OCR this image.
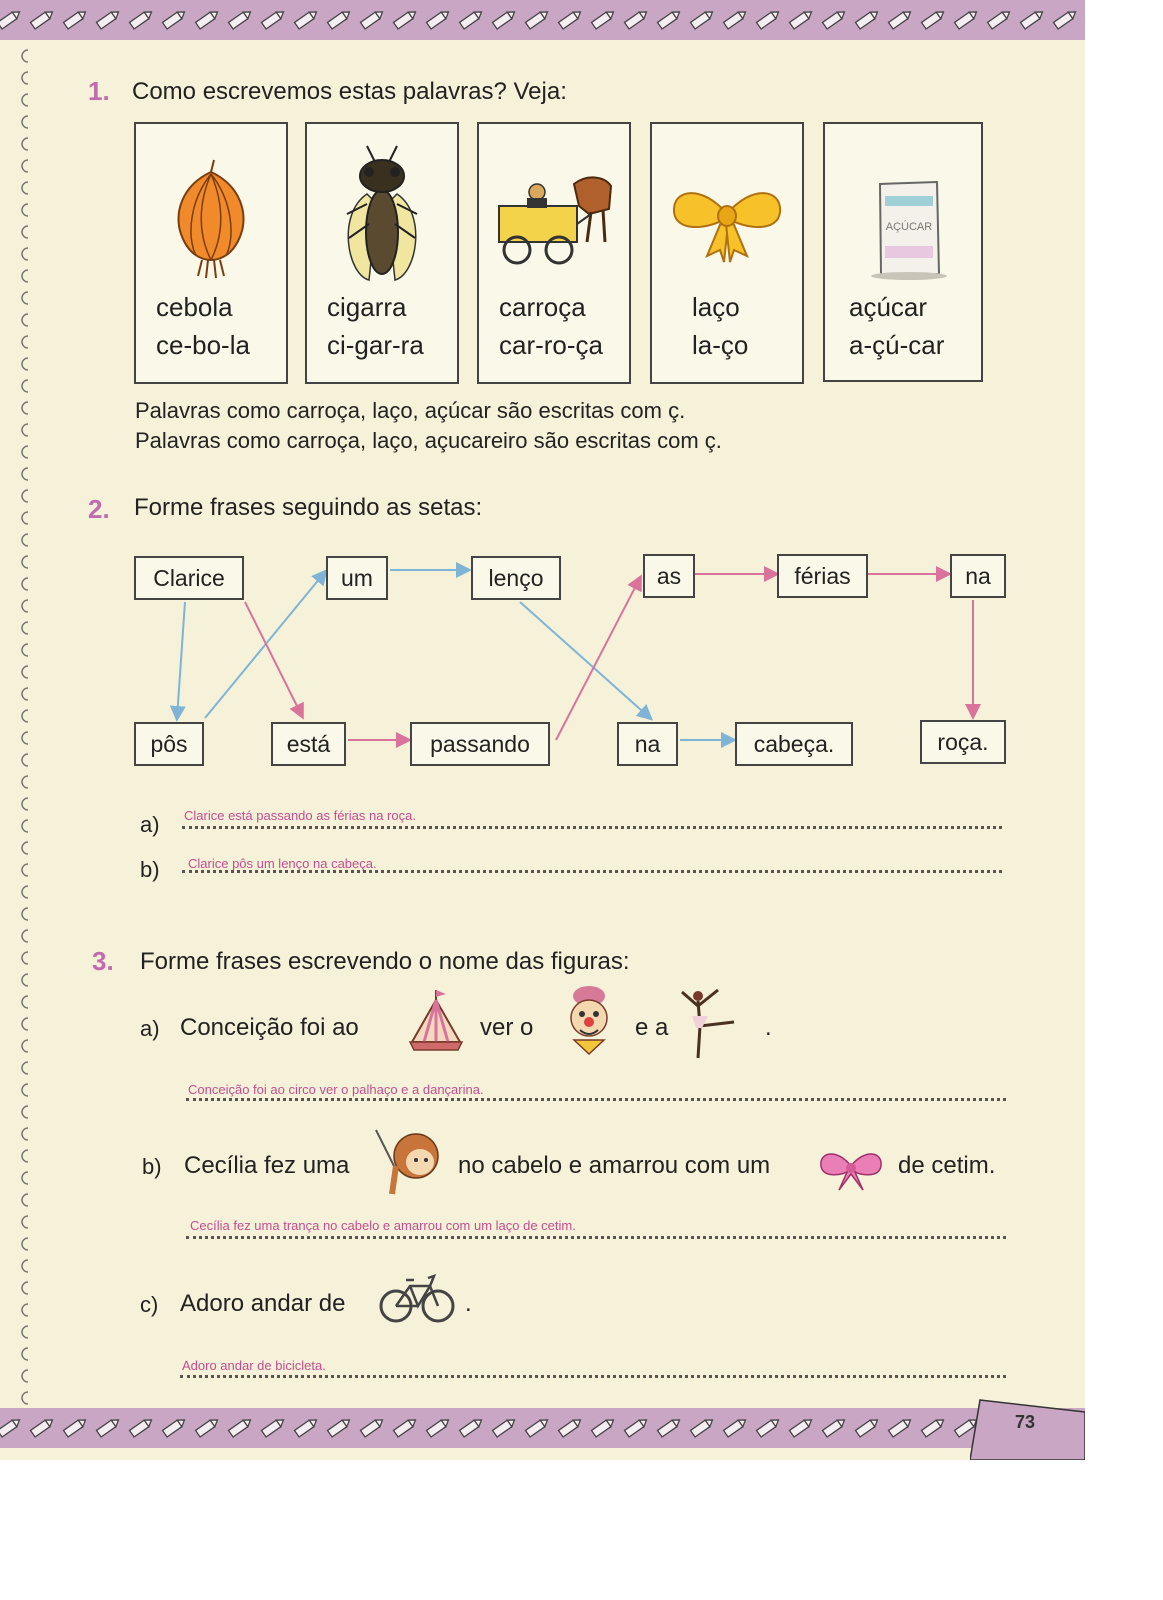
1. Como escrevemos estas palavras? Veja:
cebola
ce-bo-la
cigarra
ci-gar-ra
carroça
car-ro-ça
laço
la-ço
AÇÚCAR
açúcar
a-çú-car
Palavras como carroça, laço, açúcar são escritas com ç.
Palavras como carroça, laço, açucareiro são escritas com ç.
2. Forme frases seguindo as setas:
Clarice	um	lenço	as	férias	na
pôs	está	passando	na	cabeça.	roça.
a) Clarice está passando as férias na roça.
b) Clarice pôs um lenço na cabeça.
3. Forme frases escrevendo o nome das figuras:
a) Conceição foi ao	ver o	e a	.
Conceição foi ao circo ver o palhaço e a dançarina.
b) Cecília fez uma	no cabelo e amarrou com um	de cetim.
Cecília fez uma trança no cabelo e amarrou com um laço de cetim.
c) Adoro andar de	.
Adoro andar de bicicleta.
73
